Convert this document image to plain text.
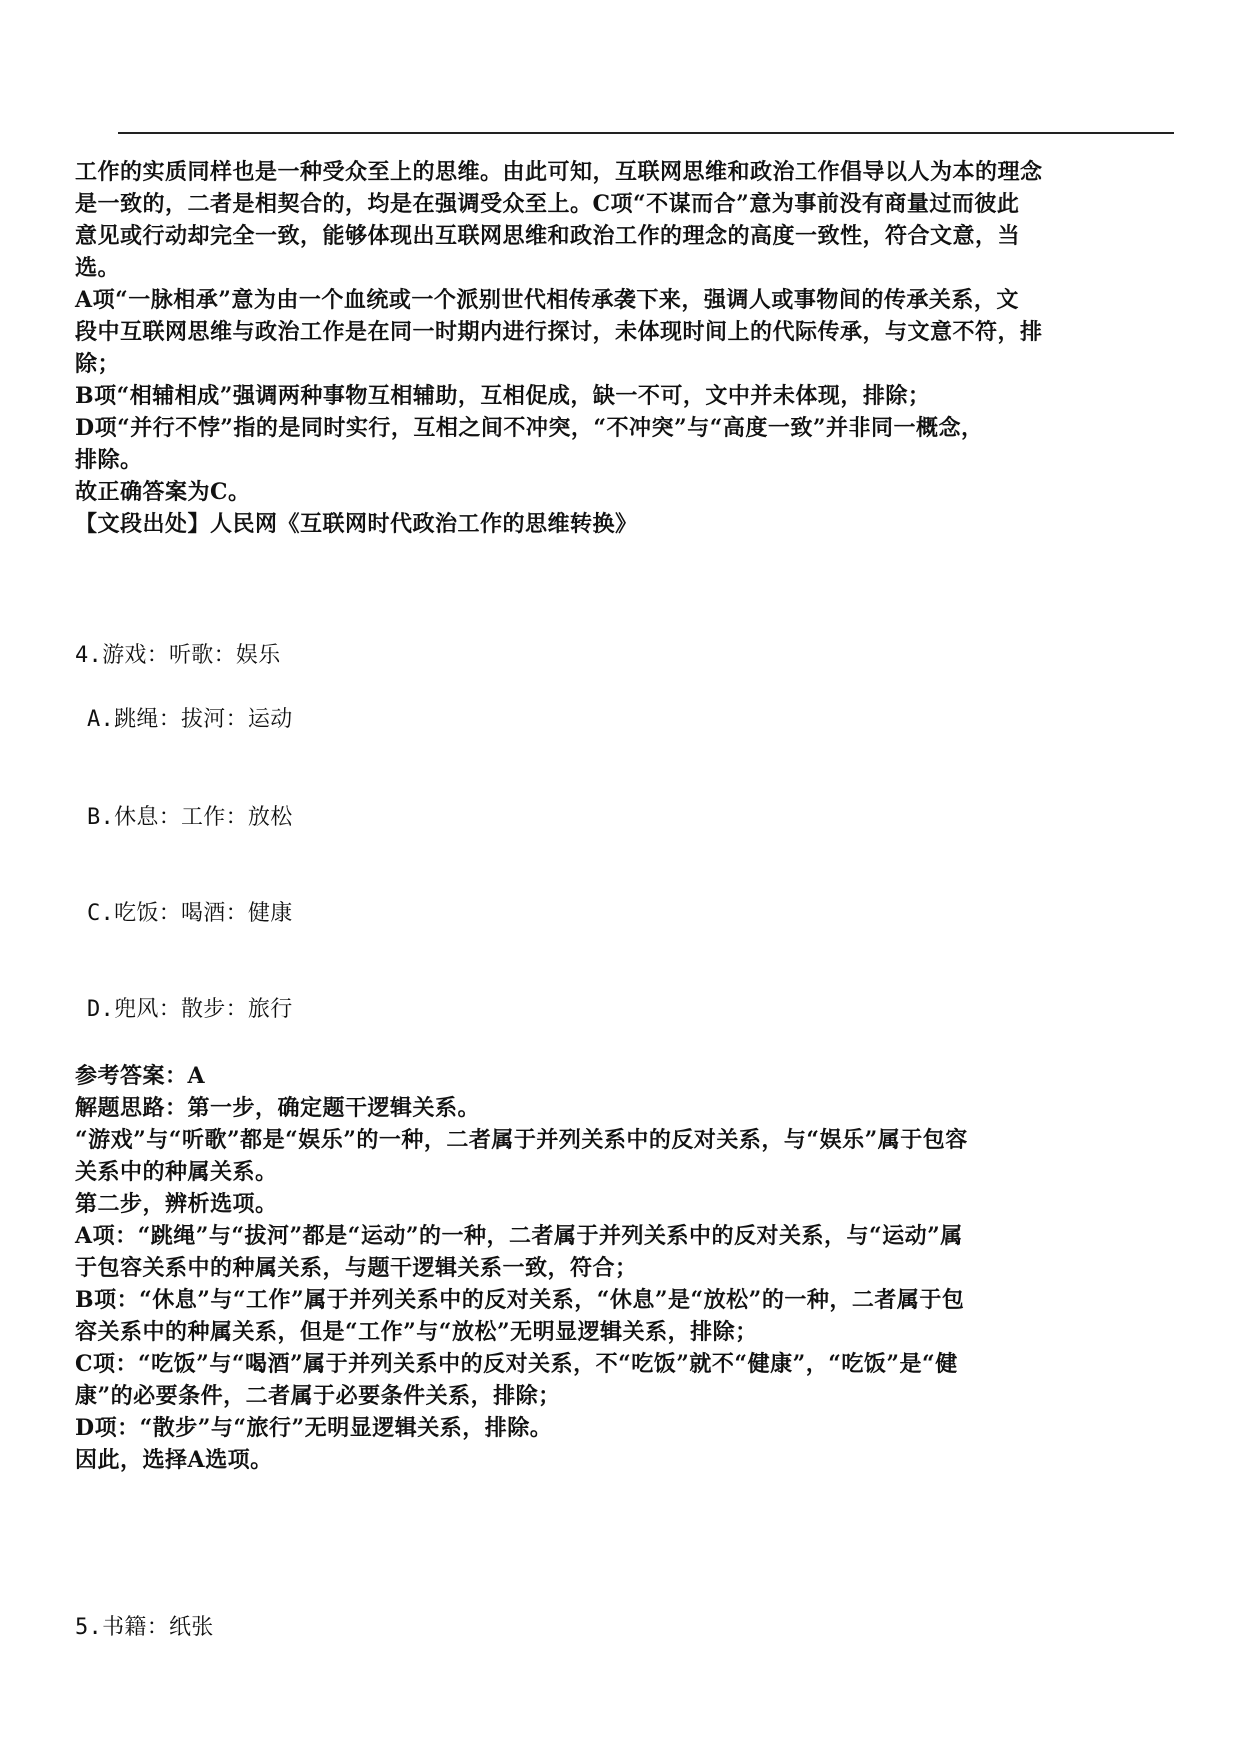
工作的实质同样也是一种受众至上的思维。由此可知，互联网思维和政治工作倡导以人为本的理念
是一致的，二者是相契合的，均是在强调受众至上。C项“不谋而合”意为事前没有商量过而彼此
意见或行动却完全一致，能够体现出互联网思维和政治工作的理念的高度一致性，符合文意，当
选。
A项“一脉相承”意为由一个血统或一个派别世代相传承袭下来，强调人或事物间的传承关系，文
段中互联网思维与政治工作是在同一时期内进行探讨，未体现时间上的代际传承，与文意不符，排
除；
B项“相辅相成”强调两种事物互相辅助，互相促成，缺一不可，文中并未体现，排除；
D项“并行不悖”指的是同时实行，互相之间不冲突，“不冲突”与“高度一致”并非同一概念，
排除。
故正确答案为C。
【文段出处】人民网《互联网时代政治工作的思维转换》
4.游戏：听歌：娱乐
A.跳绳：拔河：运动
B.休息：工作：放松
C.吃饭：喝酒：健康
D.兜风：散步：旅行
参考答案：A
解题思路：第一步，确定题干逻辑关系。
“游戏”与“听歌”都是“娱乐”的一种，二者属于并列关系中的反对关系，与“娱乐”属于包容
关系中的种属关系。
第二步，辨析选项。
A项：“跳绳”与“拔河”都是“运动”的一种，二者属于并列关系中的反对关系，与“运动”属
于包容关系中的种属关系，与题干逻辑关系一致，符合；
B项：“休息”与“工作”属于并列关系中的反对关系，“休息”是“放松”的一种，二者属于包
容关系中的种属关系，但是“工作”与“放松”无明显逻辑关系，排除；
C项：“吃饭”与“喝酒”属于并列关系中的反对关系，不“吃饭”就不“健康”，“吃饭”是“健
康”的必要条件，二者属于必要条件关系，排除；
D项：“散步”与“旅行”无明显逻辑关系，排除。
因此，选择A选项。
5.书籍：纸张
